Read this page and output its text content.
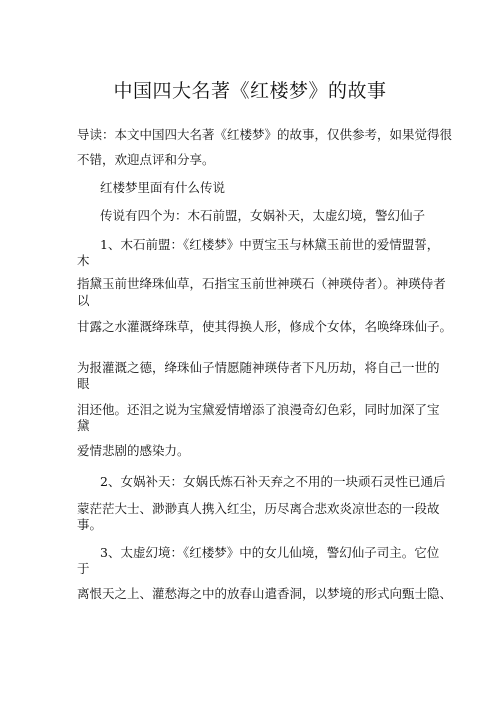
中国四大名著《红楼梦》的故事
导读：本文中国四大名著《红楼梦》的故事，仅供参考，如果觉得很
不错，欢迎点评和分享。
红楼梦里面有什么传说
传说有四个为：木石前盟，女娲补天，太虚幻境，警幻仙子
1、木石前盟：《红楼梦》中贾宝玉与林黛玉前世的爱情盟誓，
木
指黛玉前世绛珠仙草，石指宝玉前世神瑛石（神瑛侍者）。神瑛侍者
以
甘露之水灌溉绛珠草，使其得换人形，修成个女体，名唤绛珠仙子。
为报灌溉之德，绛珠仙子情愿随神瑛侍者下凡历劫，将自己一世的
眼
泪还他。还泪之说为宝黛爱情增添了浪漫奇幻色彩，同时加深了宝
黛
爱情悲剧的感染力。
2、女娲补天：女娲氏炼石补天弃之不用的一块顽石灵性已通后
蒙茫茫大士、渺渺真人携入红尘，历尽离合悲欢炎凉世态的一段故
事。
3、太虚幻境：《红楼梦》中的女儿仙境，警幻仙子司主。它位
于
离恨天之上、灌愁海之中的放春山遣香洞，以梦境的形式向甄士隐、
